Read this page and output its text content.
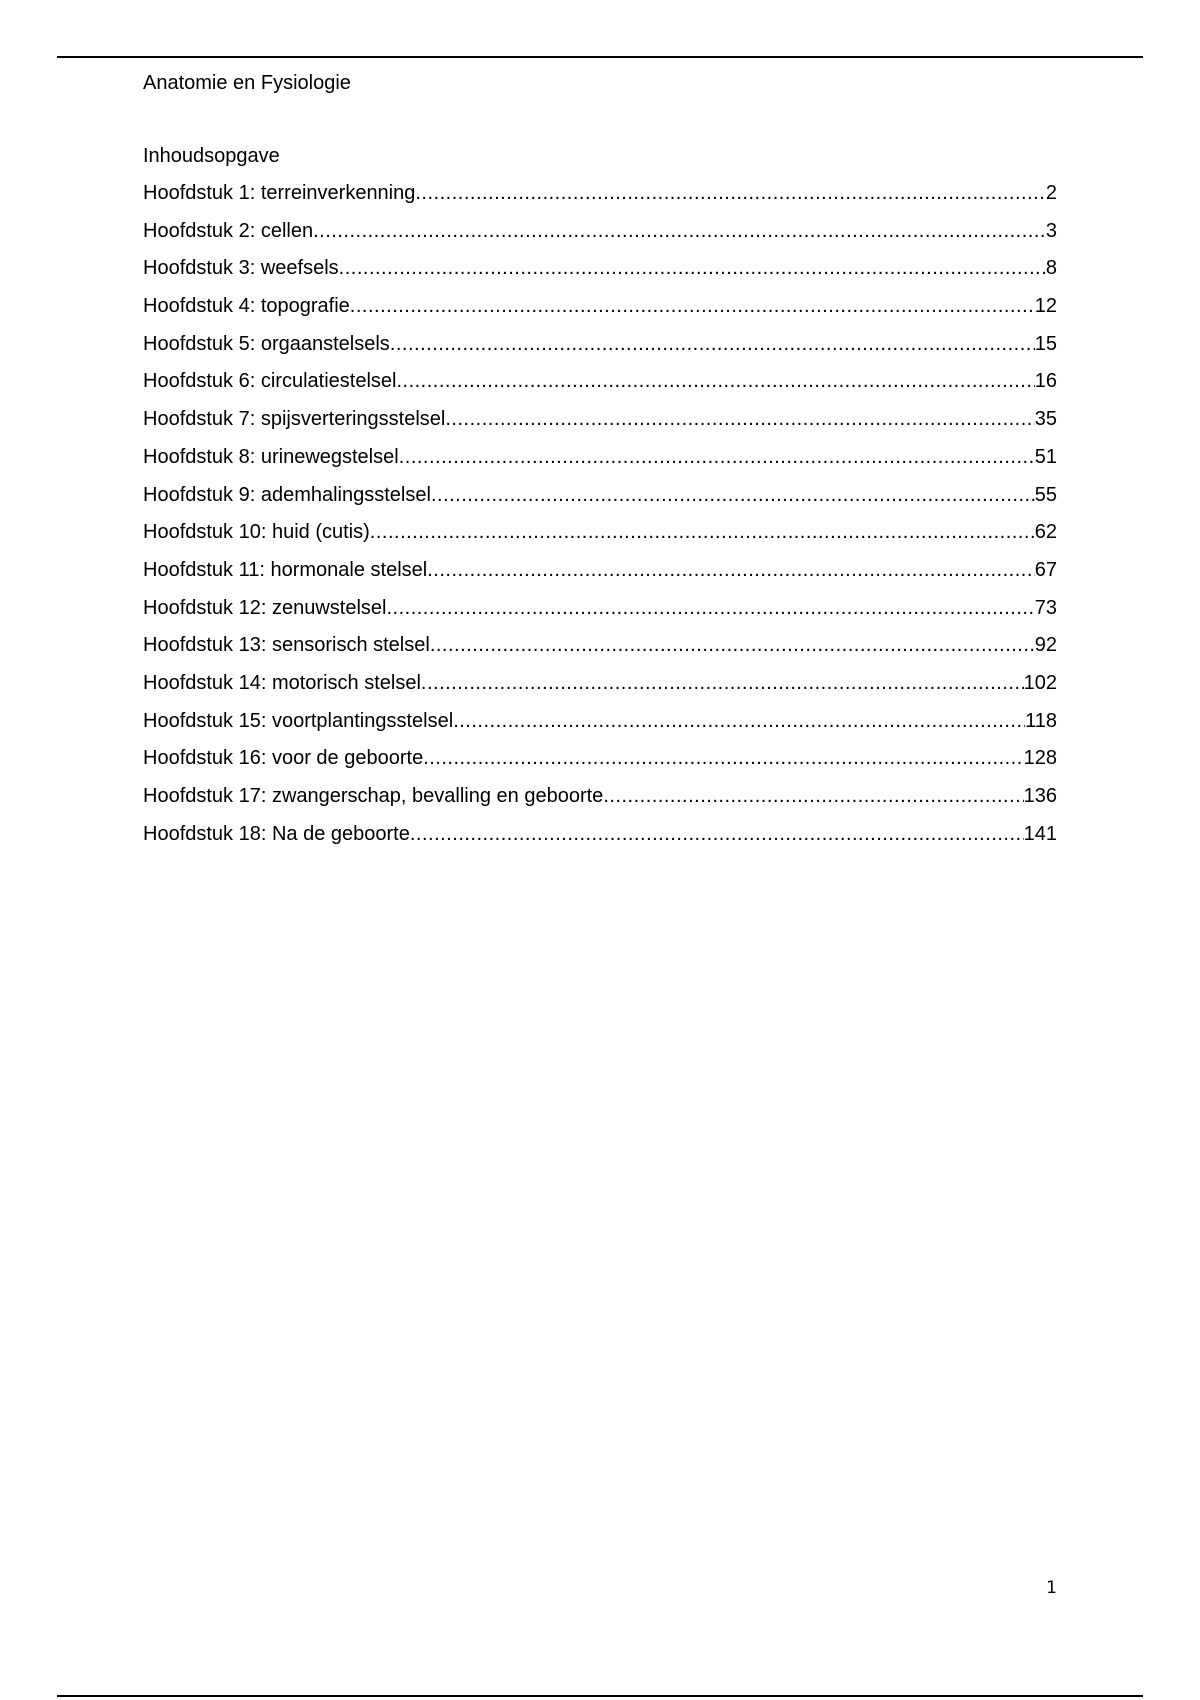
Anatomie en Fysiologie
Inhoudsopgave
Hoofdstuk 1: terreinverkenning .....	2
Hoofdstuk 2: cellen .....	3
Hoofdstuk 3: weefsels .....	8
Hoofdstuk 4: topografie .....	12
Hoofdstuk 5: orgaanstelsels .....	15
Hoofdstuk 6: circulatiestelsel .....	16
Hoofdstuk 7: spijsverteringsstelsel .....	35
Hoofdstuk 8: urinewegstelsel .....	51
Hoofdstuk 9: ademhalingsstelsel .....	55
Hoofdstuk 10: huid (cutis) .....	62
Hoofdstuk 11: hormonale stelsel .....	67
Hoofdstuk 12: zenuwstelsel .....	73
Hoofdstuk 13: sensorisch stelsel .....	92
Hoofdstuk 14: motorisch stelsel .....	102
Hoofdstuk 15: voortplantingsstelsel .....	118
Hoofdstuk 16: voor de geboorte .....	128
Hoofdstuk 17: zwangerschap, bevalling en geboorte .....	136
Hoofdstuk 18: Na de geboorte .....	141
1
